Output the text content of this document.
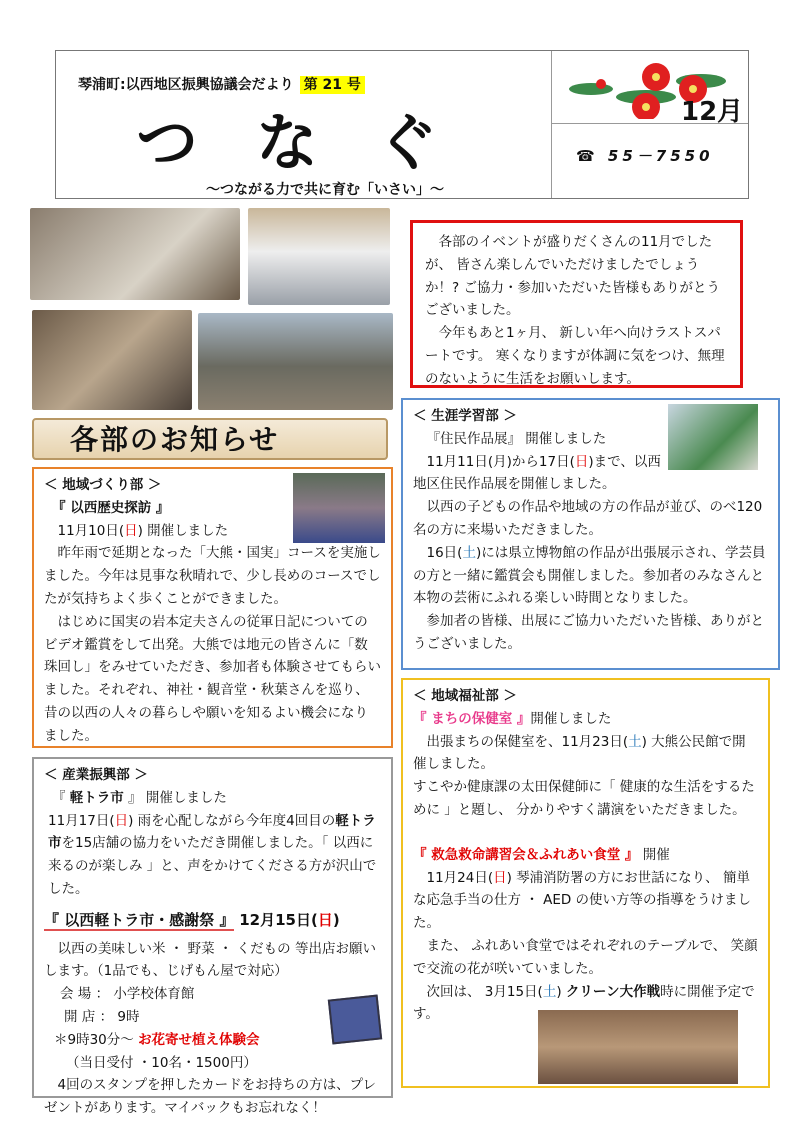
琴浦町:以西地区振興協議会だより 第 21 号
つなぐ
～つながる力で共に育む「いさい」～
12月
☎ 55－7550
各部のお知らせ

各部のイベントが盛りだくさんの11月でしたが、 皆さん楽しんでいただけましたでしょうか！? ご協力・参加いただいた皆様もありがとうございました。

今年もあと1ヶ月、 新しい年へ向けラストスパートです。 寒くなりますが体調に気をつけ、無理のないように生活をお願いします。

＜ 地域づくり部 ＞

『 以西歴史探訪 』

11月10日(日) 開催しました

昨年雨で延期となった「大熊・国実」コースを実施しました。今年は見事な秋晴れで、少し長めのコースでしたが気持ちよく歩くことができました。

はじめに国実の岩本定夫さんの従軍日記についてのビデオ鑑賞をして出発。大熊では地元の皆さんに「数珠回し」をみせていただき、参加者も体験させてもらいました。それぞれ、神社・観音堂・秋葉さんを巡り、昔の以西の人々の暮らしや願いを知るよい機会になりました。

＜ 産業振興部 ＞

『 軽トラ市 』 開催しました

11月17日(日) 雨を心配しながら今年度4回目の軽トラ市を15店舗の協力をいただき開催しました。「 以西に来るのが楽しみ 」と、声をかけてくださる方が沢山でした。

『 以西軽トラ市・感謝祭 』 12月15日(日)

以西の美味しい米 ・ 野菜 ・ くだもの 等出店お願いします。（1品でも、じげもん屋で対応）

会 場 ： 小学校体育館

開 店 ： 9時

＊9時30分～ お花寄せ植え体験会

（当日受付 ・10名・1500円）

4回のスタンプを押したカードをお持ちの方は、プレゼントがあります。マイバックもお忘れなく！

＜ 生涯学習部 ＞

『住民作品展』 開催しました

11月11日(月)から17日(日)まで、以西地区住民作品展を開催しました。

以西の子どもの作品や地域の方の作品が並び、のべ120名の方に来場いただきました。

16日(土)には県立博物館の作品が出張展示され、学芸員の方と一緒に鑑賞会も開催しました。参加者のみなさんと本物の芸術にふれる楽しい時間となりました。

参加者の皆様、出展にご協力いただいた皆様、ありがとうございました。

＜ 地域福祉部 ＞

『 まちの保健室 』開催しました

出張まちの保健室を、11月23日(土) 大熊公民館で開催しました。

すこやか健康課の太田保健師に「 健康的な生活をするために 」と題し、 分かりやすく講演をいただきました。

『 救急救命講習会＆ふれあい食堂 』 開催

11月24日(日) 琴浦消防署の方にお世話になり、 簡単な応急手当の仕方 ・ AED の使い方等の指導をうけました。

また、 ふれあい食堂ではそれぞれのテーブルで、 笑顔で交流の花が咲いていました。

次回は、 3月15日(土) クリーン大作戦時に開催予定です。
